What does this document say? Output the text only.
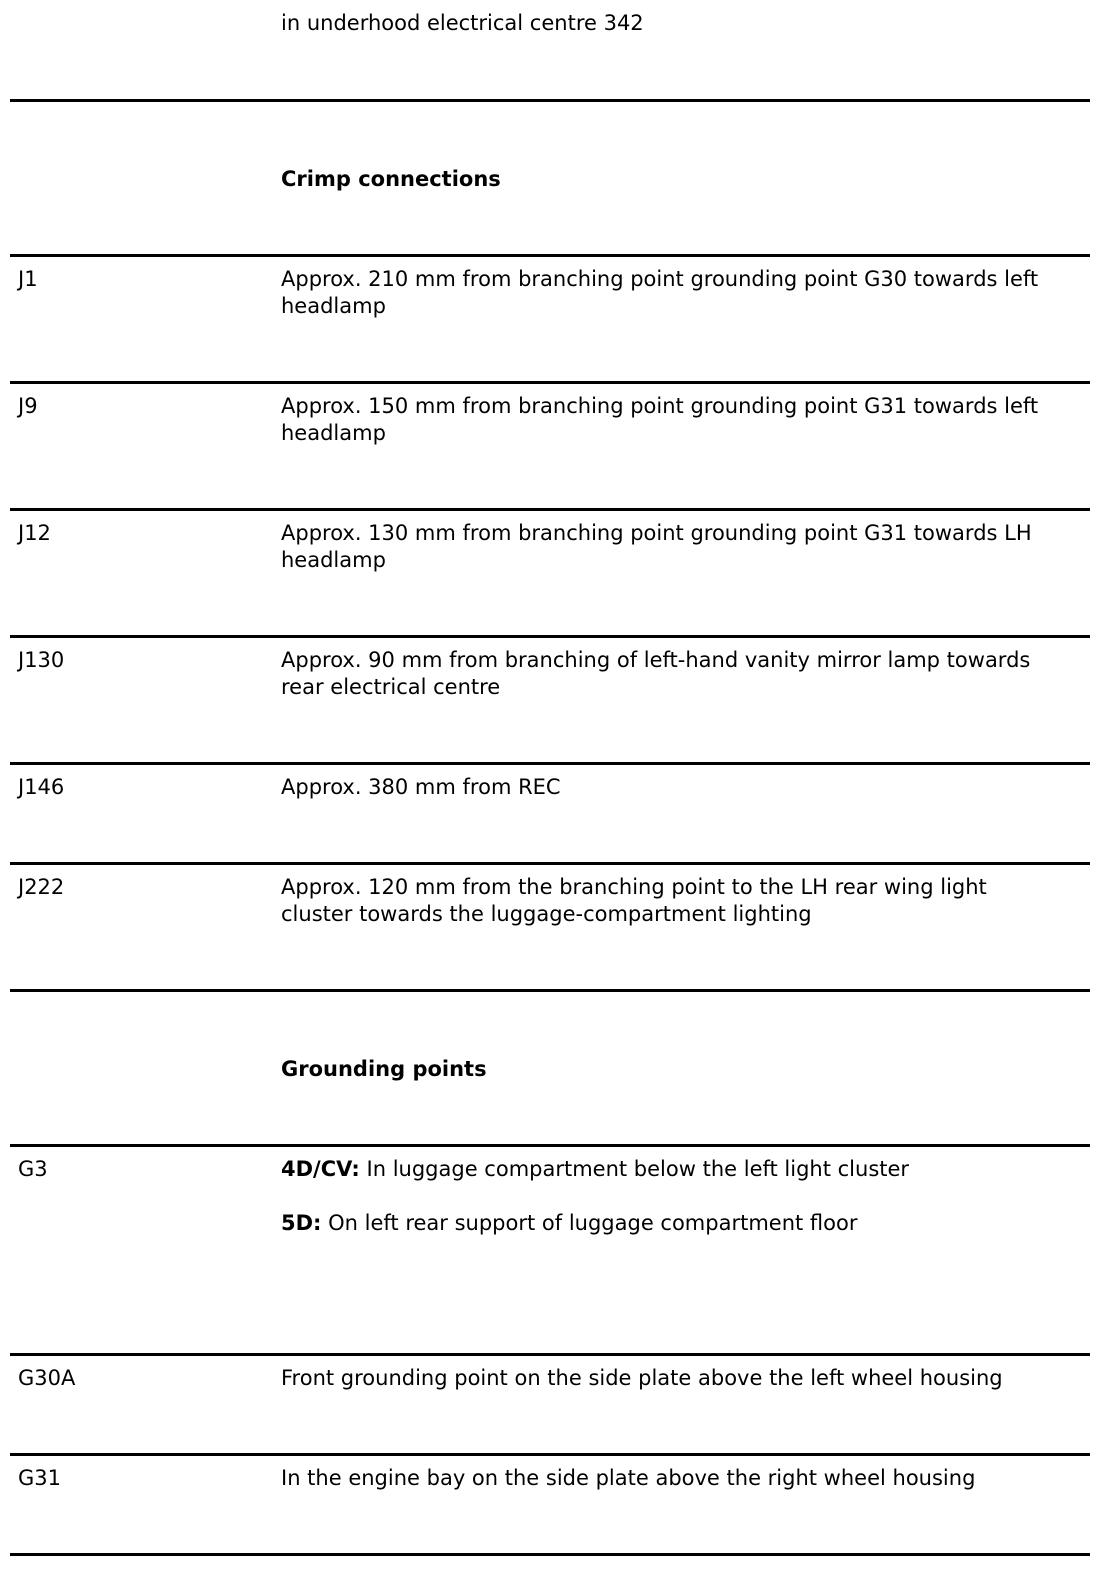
in underhood electrical centre 342
Crimp connections
J1	Approx. 210 mm from branching point grounding point G30 towards left
headlamp
J9	Approx. 150 mm from branching point grounding point G31 towards left
headlamp
J12	Approx. 130 mm from branching point grounding point G31 towards LH
headlamp
J130	Approx. 90 mm from branching of left-hand vanity mirror lamp towards
rear electrical centre
J146	Approx. 380 mm from REC
J222	Approx. 120 mm from the branching point to the LH rear wing light
cluster towards the luggage-compartment lighting
Grounding points
G3	4D/CV: In luggage compartment below the left light cluster
5D: On left rear support of luggage compartment floor
G30A	Front grounding point on the side plate above the left wheel housing
G31	In the engine bay on the side plate above the right wheel housing
